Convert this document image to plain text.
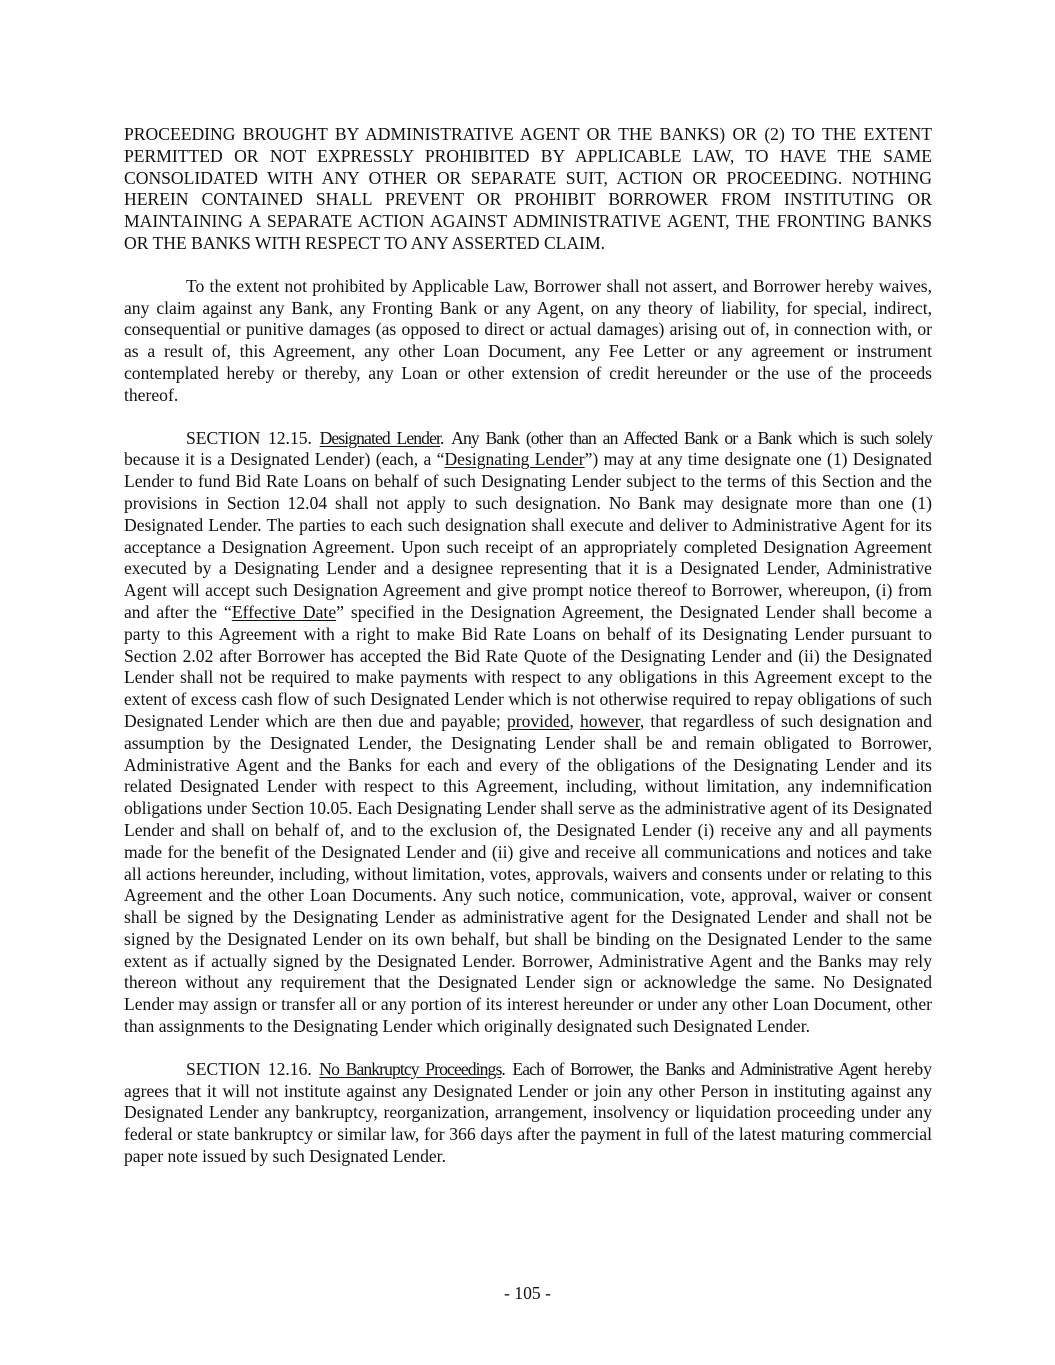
PROCEEDING BROUGHT BY ADMINISTRATIVE AGENT OR THE BANKS) OR (2) TO THE EXTENT PERMITTED OR NOT EXPRESSLY PROHIBITED BY APPLICABLE LAW, TO HAVE THE SAME CONSOLIDATED WITH ANY OTHER OR SEPARATE SUIT, ACTION OR PROCEEDING. NOTHING HEREIN CONTAINED SHALL PREVENT OR PROHIBIT BORROWER FROM INSTITUTING OR MAINTAINING A SEPARATE ACTION AGAINST ADMINISTRATIVE AGENT, THE FRONTING BANKS OR THE BANKS WITH RESPECT TO ANY ASSERTED CLAIM.

To the extent not prohibited by Applicable Law, Borrower shall not assert, and Borrower hereby waives, any claim against any Bank, any Fronting Bank or any Agent, on any theory of liability, for special, indirect, consequential or punitive damages (as opposed to direct or actual damages) arising out of, in connection with, or as a result of, this Agreement, any other Loan Document, any Fee Letter or any agreement or instrument contemplated hereby or thereby, any Loan or other extension of credit hereunder or the use of the proceeds thereof.

SECTION 12.15. Designated Lender. Any Bank (other than an Affected Bank or a Bank which is such solely because it is a Designated Lender) (each, a “Designating Lender”) may at any time designate one (1) Designated Lender to fund Bid Rate Loans on behalf of such Designating Lender subject to the terms of this Section and the provisions in Section 12.04 shall not apply to such designation. No Bank may designate more than one (1) Designated Lender. The parties to each such designation shall execute and deliver to Administrative Agent for its acceptance a Designation Agreement. Upon such receipt of an appropriately completed Designation Agreement executed by a Designating Lender and a designee representing that it is a Designated Lender, Administrative Agent will accept such Designation Agreement and give prompt notice thereof to Borrower, whereupon, (i) from and after the “Effective Date” specified in the Designation Agreement, the Designated Lender shall become a party to this Agreement with a right to make Bid Rate Loans on behalf of its Designating Lender pursuant to Section 2.02 after Borrower has accepted the Bid Rate Quote of the Designating Lender and (ii) the Designated Lender shall not be required to make payments with respect to any obligations in this Agreement except to the extent of excess cash flow of such Designated Lender which is not otherwise required to repay obligations of such Designated Lender which are then due and payable; provided, however, that regardless of such designation and assumption by the Designated Lender, the Designating Lender shall be and remain obligated to Borrower, Administrative Agent and the Banks for each and every of the obligations of the Designating Lender and its related Designated Lender with respect to this Agreement, including, without limitation, any indemnification obligations under Section 10.05. Each Designating Lender shall serve as the administrative agent of its Designated Lender and shall on behalf of, and to the exclusion of, the Designated Lender (i) receive any and all payments made for the benefit of the Designated Lender and (ii) give and receive all communications and notices and take all actions hereunder, including, without limitation, votes, approvals, waivers and consents under or relating to this Agreement and the other Loan Documents. Any such notice, communication, vote, approval, waiver or consent shall be signed by the Designating Lender as administrative agent for the Designated Lender and shall not be signed by the Designated Lender on its own behalf, but shall be binding on the Designated Lender to the same extent as if actually signed by the Designated Lender. Borrower, Administrative Agent and the Banks may rely thereon without any requirement that the Designated Lender sign or acknowledge the same. No Designated Lender may assign or transfer all or any portion of its interest hereunder or under any other Loan Document, other than assignments to the Designating Lender which originally designated such Designated Lender.

SECTION 12.16. No Bankruptcy Proceedings. Each of Borrower, the Banks and Administrative Agent hereby agrees that it will not institute against any Designated Lender or join any other Person in instituting against any Designated Lender any bankruptcy, reorganization, arrangement, insolvency or liquidation proceeding under any federal or state bankruptcy or similar law, for 366 days after the payment in full of the latest maturing commercial paper note issued by such Designated Lender.

- 105 -
